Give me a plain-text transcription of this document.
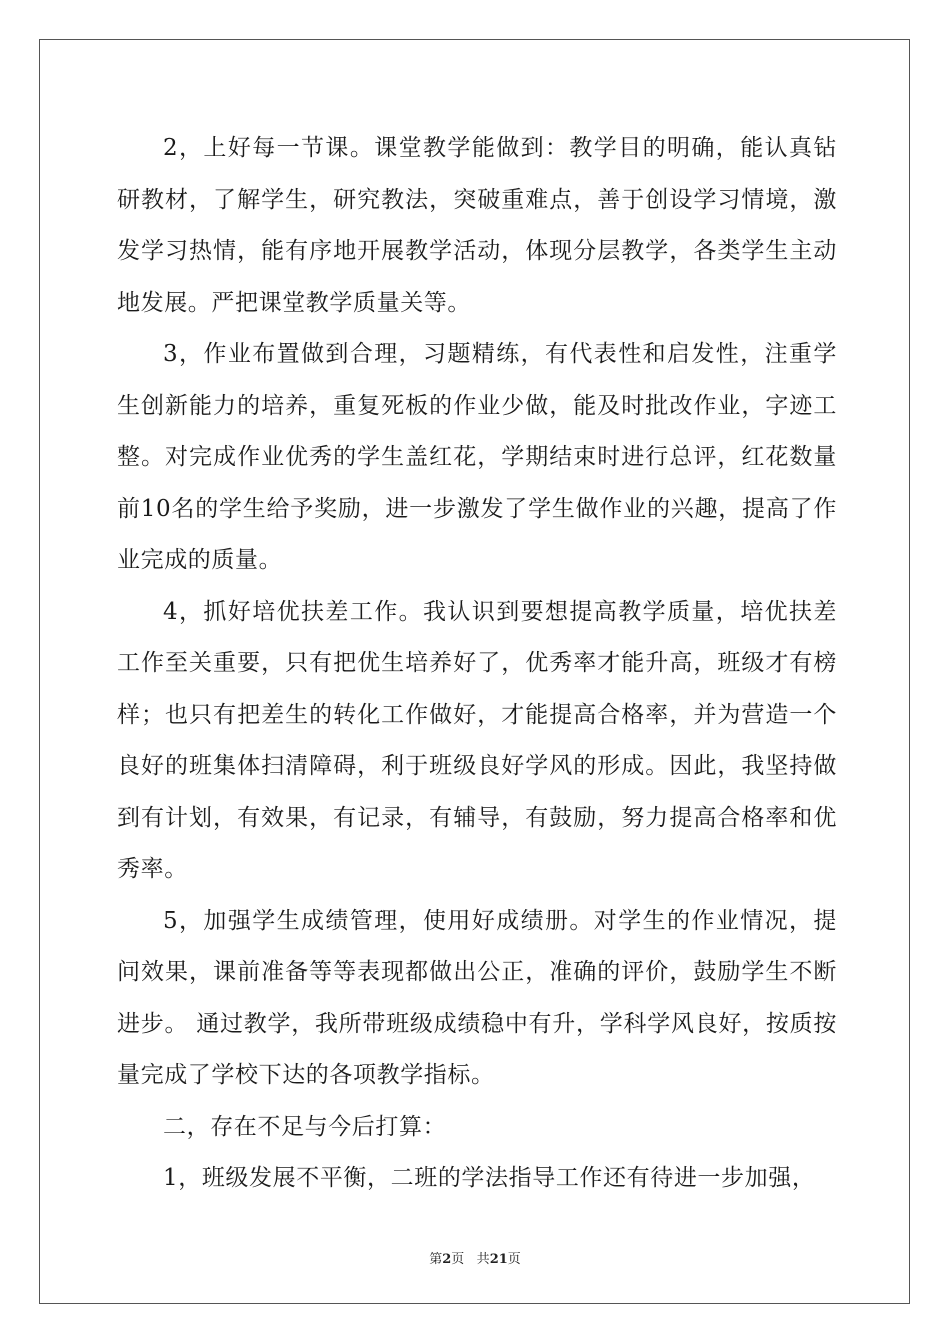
2，上好每一节课。课堂教学能做到：教学目的明确，能认真钻研教材，了解学生，研究教法，突破重难点，善于创设学习情境，激发学习热情，能有序地开展教学活动，体现分层教学，各类学生主动地发展。严把课堂教学质量关等。

3，作业布置做到合理，习题精练，有代表性和启发性，注重学生创新能力的培养，重复死板的作业少做，能及时批改作业，字迹工整。对完成作业优秀的学生盖红花，学期结束时进行总评，红花数量前10名的学生给予奖励，进一步激发了学生做作业的兴趣，提高了作业完成的质量。

4，抓好培优扶差工作。我认识到要想提高教学质量，培优扶差工作至关重要，只有把优生培养好了，优秀率才能升高，班级才有榜样；也只有把差生的转化工作做好，才能提高合格率，并为营造一个良好的班集体扫清障碍，利于班级良好学风的形成。因此，我坚持做到有计划，有效果，有记录，有辅导，有鼓励，努力提高合格率和优秀率。

5，加强学生成绩管理，使用好成绩册。对学生的作业情况，提问效果，课前准备等等表现都做出公正，准确的评价，鼓励学生不断进步。 通过教学，我所带班级成绩稳中有升，学科学风良好，按质按量完成了学校下达的各项教学指标。

二，存在不足与今后打算：

1，班级发展不平衡，二班的学法指导工作还有待进一步加强，

第2页 共21页
